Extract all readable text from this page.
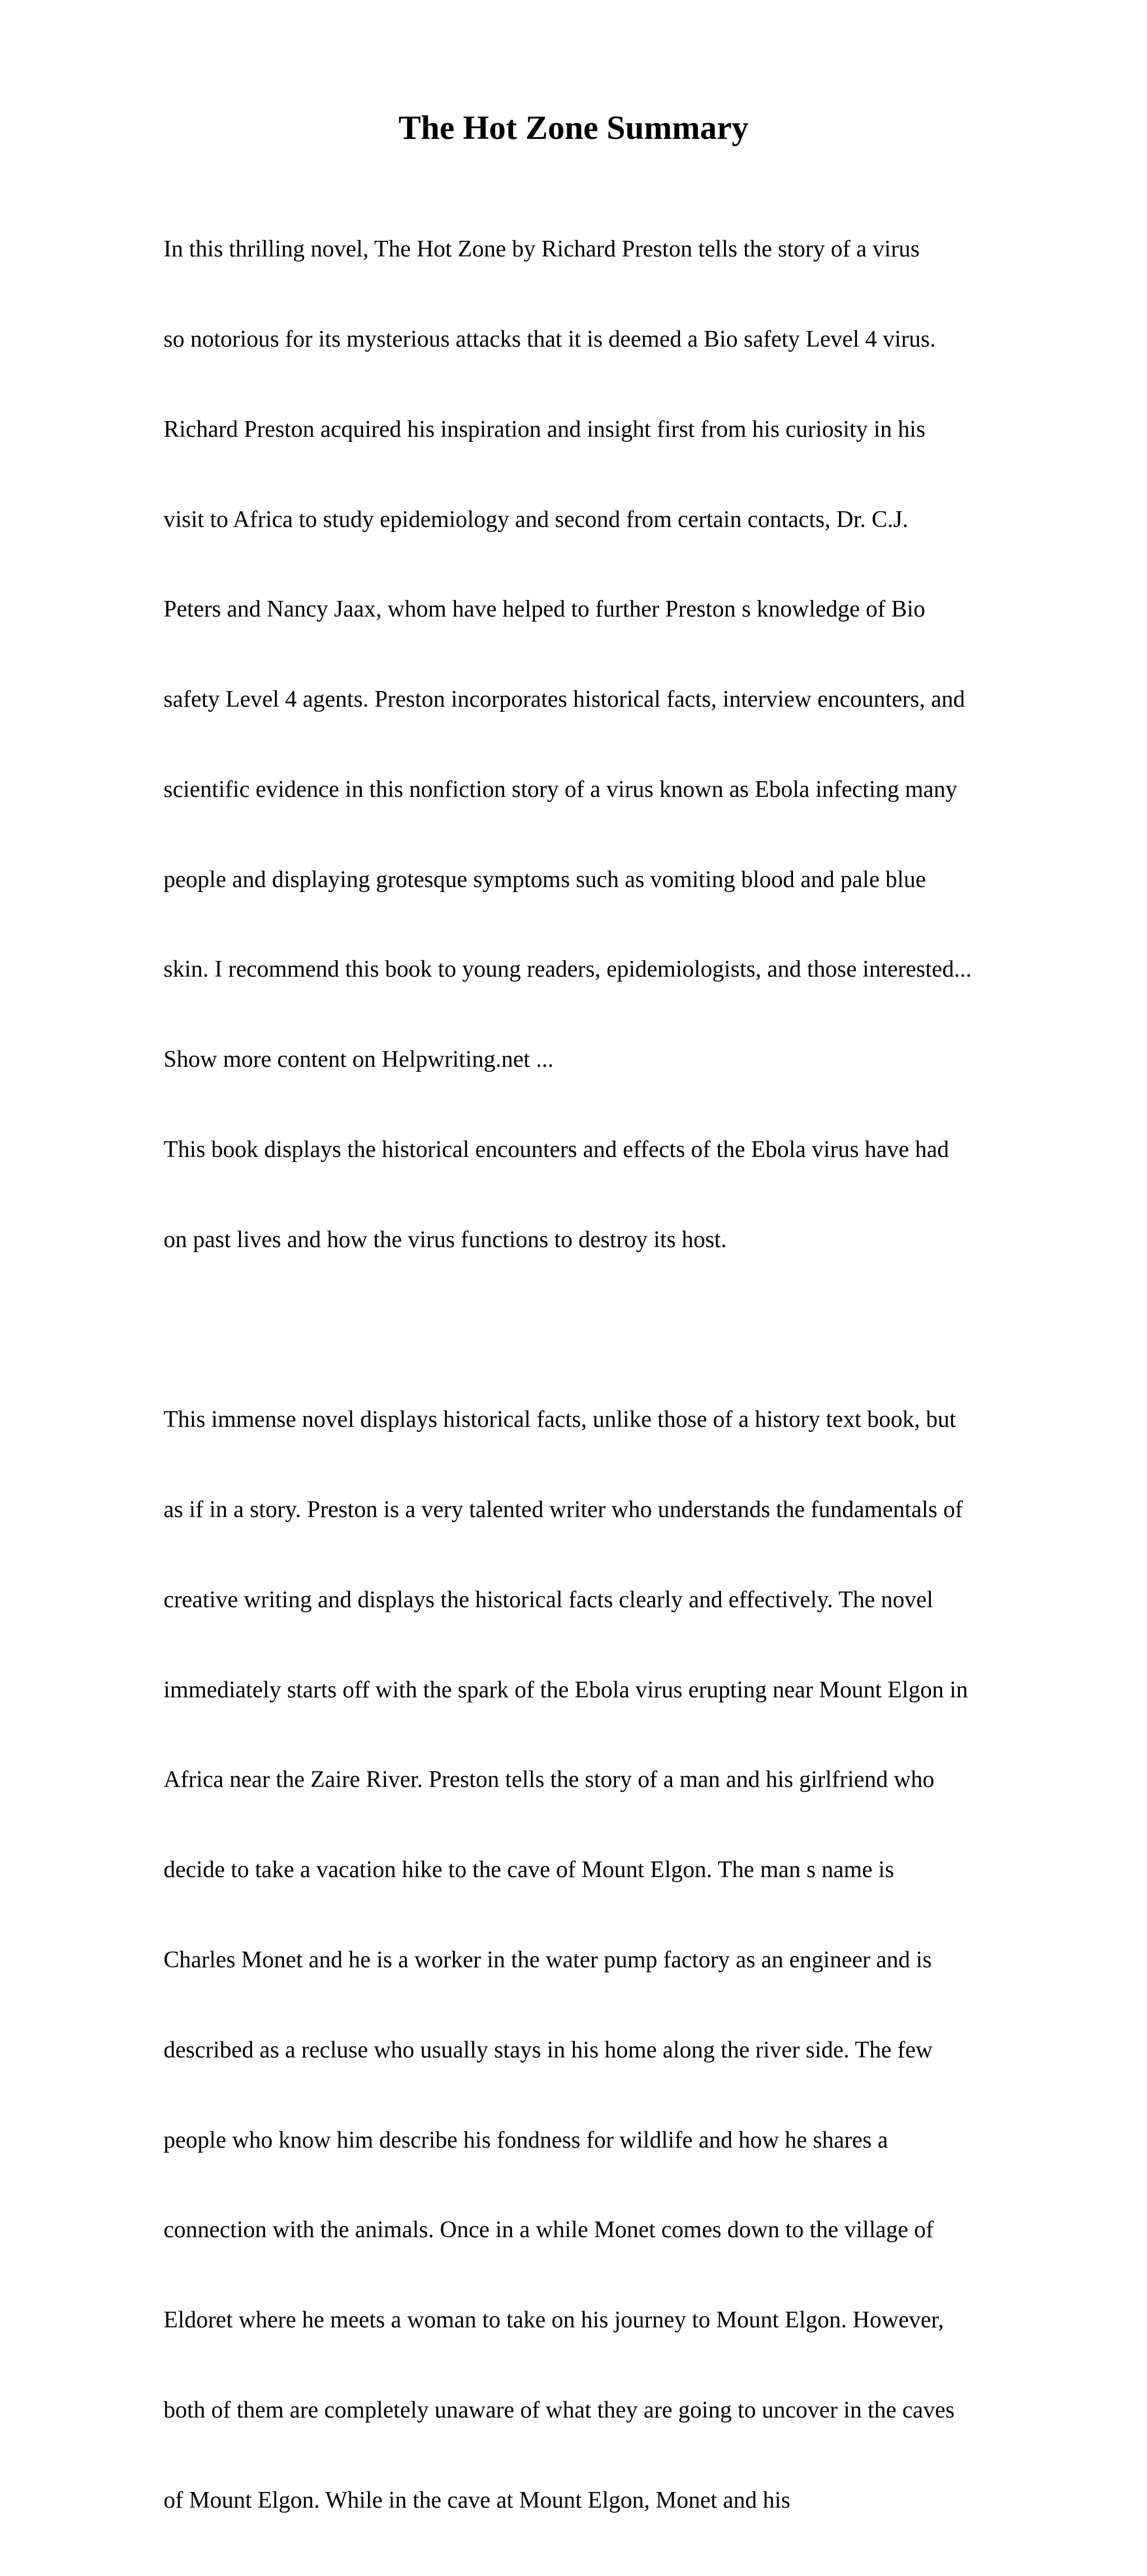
The Hot Zone Summary

In this thrilling novel, The Hot Zone by Richard Preston tells the story of a virus

so notorious for its mysterious attacks that it is deemed a Bio safety Level 4 virus.

Richard Preston acquired his inspiration and insight first from his curiosity in his

visit to Africa to study epidemiology and second from certain contacts, Dr. C.J.

Peters and Nancy Jaax, whom have helped to further Preston s knowledge of Bio

safety Level 4 agents. Preston incorporates historical facts, interview encounters, and

scientific evidence in this nonfiction story of a virus known as Ebola infecting many

people and displaying grotesque symptoms such as vomiting blood and pale blue

skin. I recommend this book to young readers, epidemiologists, and those interested...

Show more content on Helpwriting.net ...

This book displays the historical encounters and effects of the Ebola virus have had

on past lives and how the virus functions to destroy its host.

This immense novel displays historical facts, unlike those of a history text book, but

as if in a story. Preston is a very talented writer who understands the fundamentals of

creative writing and displays the historical facts clearly and effectively. The novel

immediately starts off with the spark of the Ebola virus erupting near Mount Elgon in

Africa near the Zaire River. Preston tells the story of a man and his girlfriend who

decide to take a vacation hike to the cave of Mount Elgon. The man s name is

Charles Monet and he is a worker in the water pump factory as an engineer and is

described as a recluse who usually stays in his home along the river side. The few

people who know him describe his fondness for wildlife and how he shares a

connection with the animals. Once in a while Monet comes down to the village of

Eldoret where he meets a woman to take on his journey to Mount Elgon. However,

both of them are completely unaware of what they are going to uncover in the caves

of Mount Elgon. While in the cave at Mount Elgon, Monet and his
